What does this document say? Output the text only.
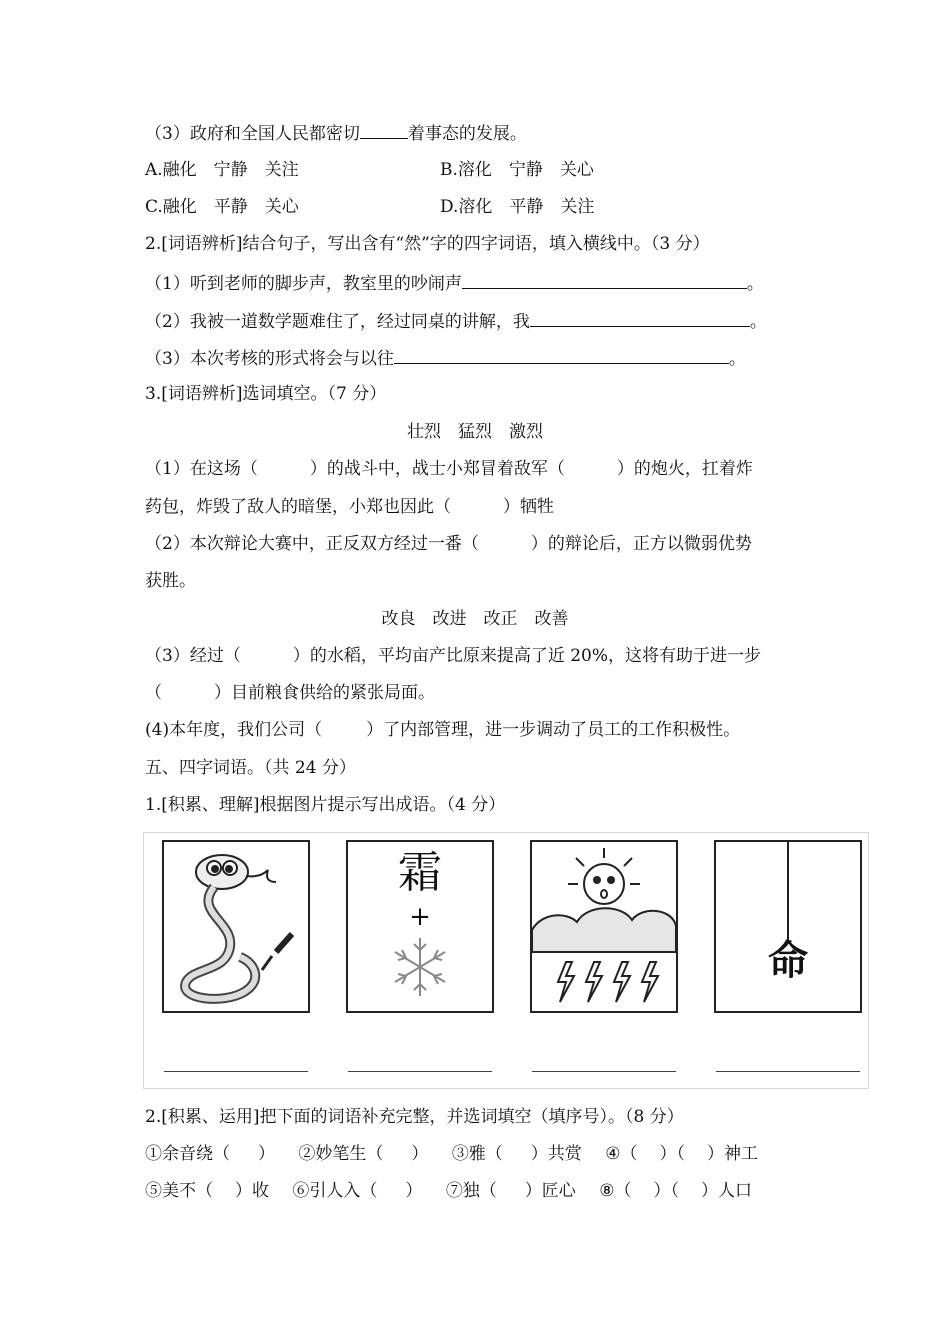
（3）政府和全国人民都密切	着事态的发展。
A.融化　宁静　关注	B.溶化　宁静　关心
C.融化　平静　关心	D.溶化　平静　关注
2.[词语辨析]结合句子，写出含有“然”字的四字词语，填入横线中。（3 分）
（1）听到老师的脚步声，教室里的吵闹声	。
（2）我被一道数学题难住了，经过同桌的讲解，我	。
（3）本次考核的形式将会与以往	。
3.[词语辨析]选词填空。（7 分）
壮烈　猛烈　激烈
（1）在这场（	）的战斗中，战士小郑冒着敌军（	）的炮火，扛着炸
药包，炸毁了敌人的暗堡，小郑也因此（	）牺牲
（2）本次辩论大赛中，正反双方经过一番（	）的辩论后，正方以微弱优势
获胜。
改良　改进　改正　改善
（3）经过（	）的水稻，平均亩产比原来提高了近 20%，这将有助于进一步
（	）目前粮食供给的紧张局面。
(4)本年度，我们公司（	）了内部管理，进一步调动了员工的工作积极性。
五、四字词语。（共 24 分）
1.[积累、理解]根据图片提示写出成语。（4 分）
霜
+
命
2.[积累、运用]把下面的词语补充完整，并选词填空（填序号）。（8 分）
①余音绕（ ） ②妙笔生（ ） ③雅（ ）共赏 ④（ ）（ ）神工
⑤美不（ ）收 ⑥引人入（ ） ⑦独（ ）匠心 ⑧（ ）（ ）人口
